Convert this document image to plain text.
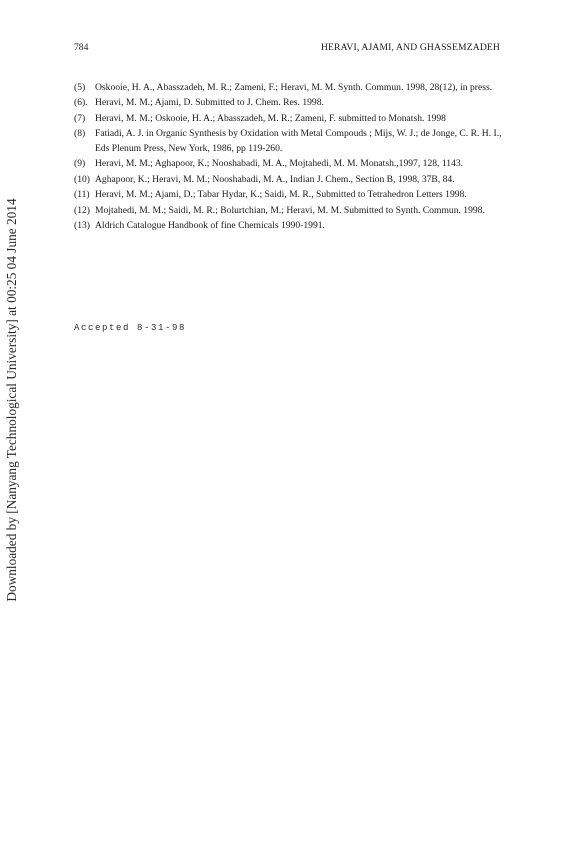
Downloaded by [Nanyang Technological University] at 00:25 04 June 2014
784	HERAVI, AJAMI, AND GHASSEMZADEH
(5) Oskooie, H. A., Abasszadeh, M. R.; Zameni, F.; Heravi, M. M. Synth. Commun. 1998, 28(12), in press.
(6). Heravi, M. M.; Ajami, D. Submitted to J. Chem. Res. 1998.
(7) Heravi, M. M.; Oskooie, H. A.; Abasszadeh, M. R.; Zameni, F. submitted to Monatsh. 1998
(8) Fatiadi, A. J. in Organic Synthesis by Oxidation with Metal Compouds ; Mijs, W. J.; de Jonge, C. R. H. I., Eds Plenum Press, New York, 1986, pp 119-260.
(9) Heravi, M. M.; Aghapoor, K.; Nooshabadi, M. A., Mojtahedi, M. M. Monatsh.,1997, 128, 1143.
(10) Aghapoor, K.; Heravi, M. M.; Nooshabadi, M. A., Indian J. Chem., Section B, 1998, 37B, 84.
(11) Heravi, M. M.; Ajami, D.; Tabar Hydar, K.; Saidi, M. R., Submitted to Tetrahedron Letters 1998.
(12) Mojtahedi, M. M.; Saidi, M. R.; Bolurtchian, M.; Heravi, M. M. Submitted to Synth. Commun. 1998.
(13) Aldrich Catalogue Handbook of fine Chemicals 1990-1991.
Accepted 8-31-98
